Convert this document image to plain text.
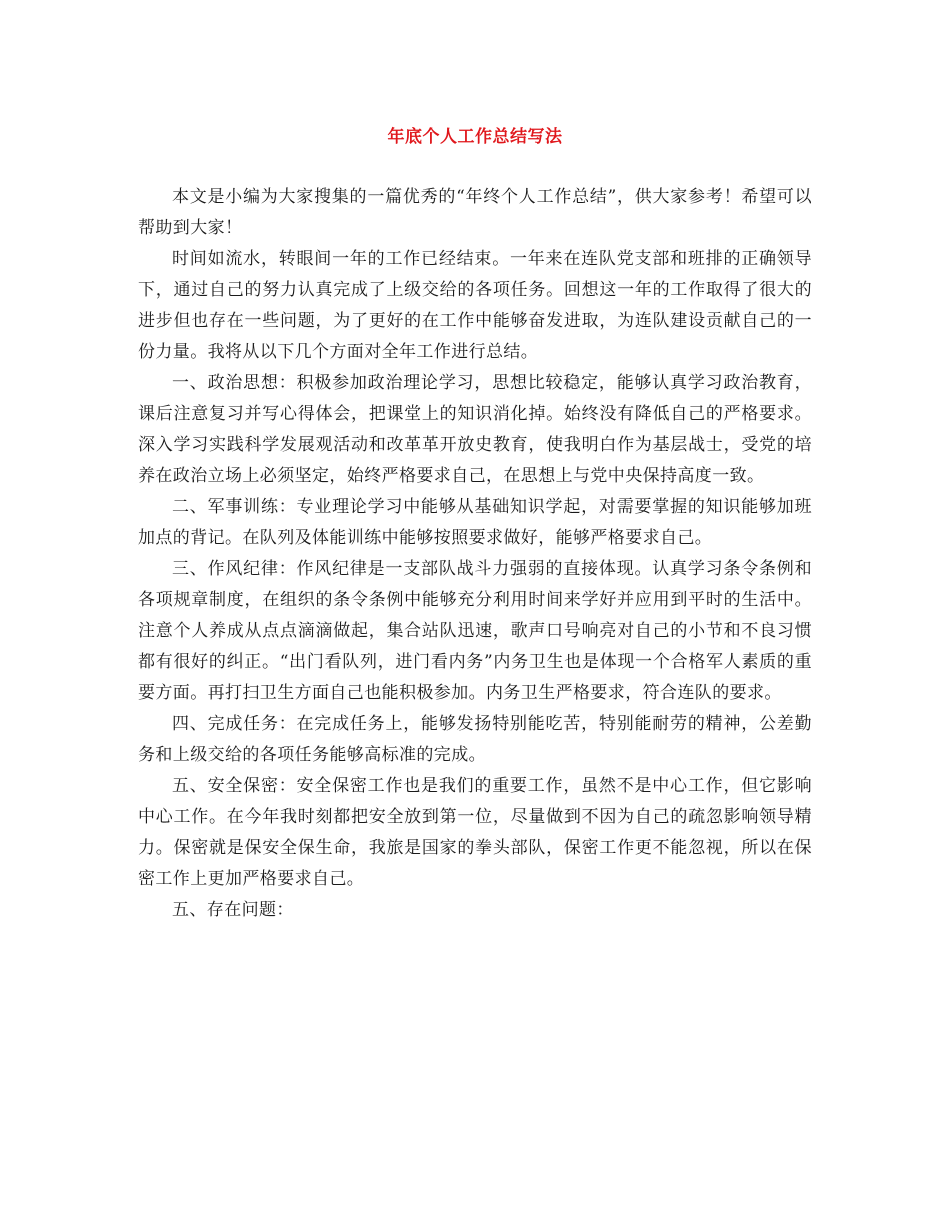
年底个人工作总结写法

本文是小编为大家搜集的一篇优秀的“年终个人工作总结”，供大家参考！希望可以帮助到大家！

时间如流水，转眼间一年的工作已经结束。一年来在连队党支部和班排的正确领导下，通过自己的努力认真完成了上级交给的各项任务。回想这一年的工作取得了很大的进步但也存在一些问题，为了更好的在工作中能够奋发进取，为连队建设贡献自己的一份力量。我将从以下几个方面对全年工作进行总结。

一、政治思想：积极参加政治理论学习，思想比较稳定，能够认真学习政治教育，课后注意复习并写心得体会，把课堂上的知识消化掉。始终没有降低自己的严格要求。深入学习实践科学发展观活动和改革革开放史教育，使我明白作为基层战士，受党的培养在政治立场上必须坚定，始终严格要求自己，在思想上与党中央保持高度一致。

二、军事训练：专业理论学习中能够从基础知识学起，对需要掌握的知识能够加班加点的背记。在队列及体能训练中能够按照要求做好，能够严格要求自己。

三、作风纪律：作风纪律是一支部队战斗力强弱的直接体现。认真学习条令条例和各项规章制度，在组织的条令条例中能够充分利用时间来学好并应用到平时的生活中。注意个人养成从点点滴滴做起，集合站队迅速，歌声口号响亮对自己的小节和不良习惯都有很好的纠正。“出门看队列，进门看内务”内务卫生也是体现一个合格军人素质的重要方面。再打扫卫生方面自己也能积极参加。内务卫生严格要求，符合连队的要求。

四、完成任务：在完成任务上，能够发扬特别能吃苦，特别能耐劳的精神，公差勤务和上级交给的各项任务能够高标准的完成。

五、安全保密：安全保密工作也是我们的重要工作，虽然不是中心工作，但它影响中心工作。在今年我时刻都把安全放到第一位，尽量做到不因为自己的疏忽影响领导精力。保密就是保安全保生命，我旅是国家的拳头部队，保密工作更不能忽视，所以在保密工作上更加严格要求自己。

五、存在问题：
